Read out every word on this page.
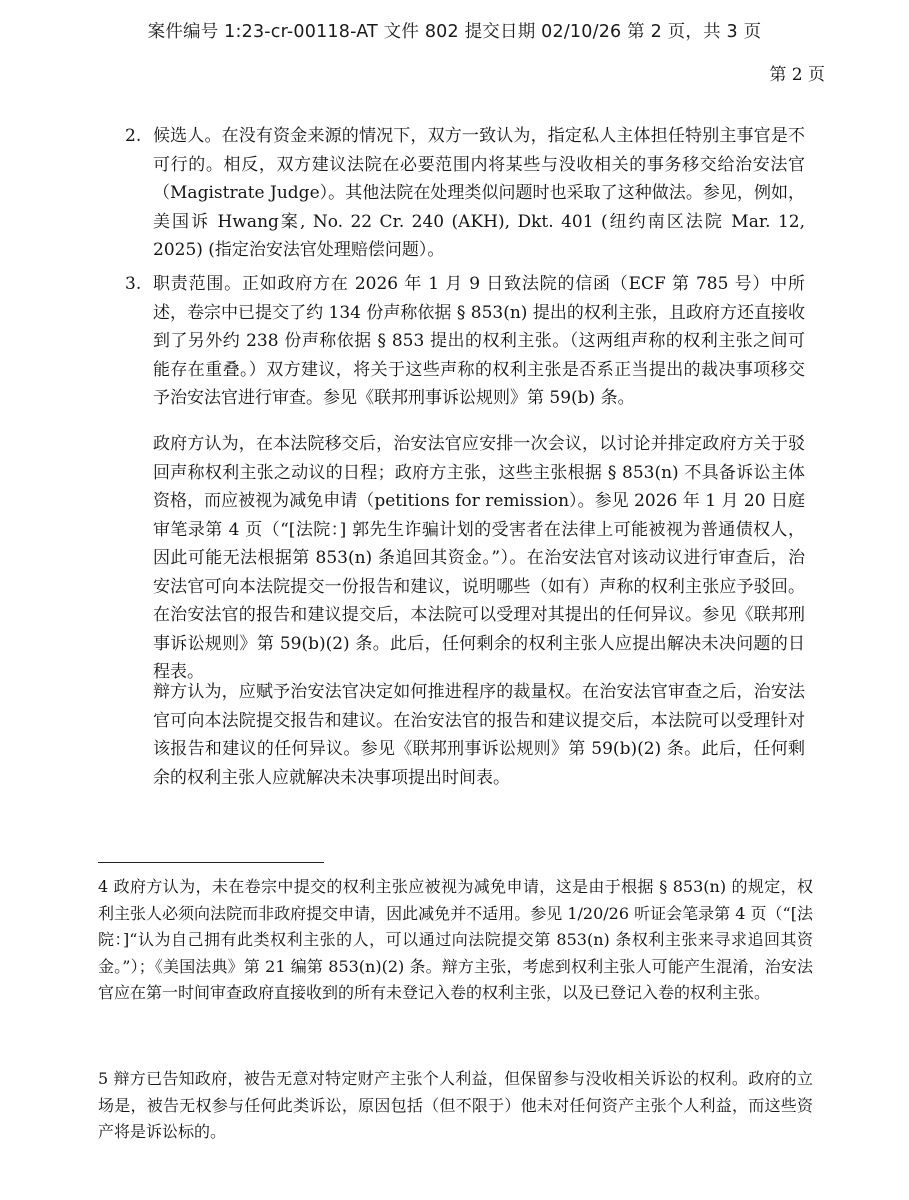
案件编号 1:23-cr-00118-AT 文件 802 提交日期 02/10/26 第 2 页，共 3 页
第 2 页
2. 候选人。在没有资金来源的情况下，双方一致认为，指定私人主体担任特别主事官是不可行的。相反，双方建议法院在必要范围内将某些与没收相关的事务移交给治安法官（Magistrate Judge）。其他法院在处理类似问题时也采取了这种做法。参见，例如，美国诉 Hwang案, No. 22 Cr. 240 (AKH), Dkt. 401 (纽约南区法院 Mar. 12, 2025) (指定治安法官处理赔偿问题）。
3. 职责范围。正如政府方在 2026 年 1 月 9 日致法院的信函（ECF 第 785 号）中所述，卷宗中已提交了约 134 份声称依据 § 853(n) 提出的权利主张，且政府方还直接收到了另外约 238 份声称依据 § 853 提出的权利主张。（这两组声称的权利主张之间可能存在重叠。）双方建议，将关于这些声称的权利主张是否系正当提出的裁决事项移交予治安法官进行审查。参见《联邦刑事诉讼规则》第 59(b) 条。
政府方认为，在本法院移交后，治安法官应安排一次会议，以讨论并排定政府方关于驳回声称权利主张之动议的日程；政府方主张，这些主张根据 § 853(n) 不具备诉讼主体资格，而应被视为减免申请（petitions for remission）。参见 2026 年 1 月 20 日庭审笔录第 4 页（“[法院：] 郭先生诈骗计划的受害者在法律上可能被视为普通债权人，因此可能无法根据第 853(n) 条追回其资金。”）。在治安法官对该动议进行审查后，治安法官可向本法院提交一份报告和建议，说明哪些（如有）声称的权利主张应予驳回。在治安法官的报告和建议提交后，本法院可以受理对其提出的任何异议。参见《联邦刑事诉讼规则》第 59(b)(2) 条。此后，任何剩余的权利主张人应提出解决未决问题的日程表。
辩方认为，应赋予治安法官决定如何推进程序的裁量权。在治安法官审查之后，治安法官可向本法院提交报告和建议。在治安法官的报告和建议提交后，本法院可以受理针对该报告和建议的任何异议。参见《联邦刑事诉讼规则》第 59(b)(2) 条。此后，任何剩余的权利主张人应就解决未决事项提出时间表。
4 政府方认为，未在卷宗中提交的权利主张应被视为减免申请，这是由于根据 § 853(n) 的规定，权利主张人必须向法院而非政府提交申请，因此减免并不适用。参见 1/20/26 听证会笔录第 4 页（“[法院：]“认为自己拥有此类权利主张的人，可以通过向法院提交第 853(n) 条权利主张来寻求追回其资金。”）；《美国法典》第 21 编第 853(n)(2) 条。辩方主张，考虑到权利主张人可能产生混淆，治安法官应在第一时间审查政府直接收到的所有未登记入卷的权利主张，以及已登记入卷的权利主张。
5 辩方已告知政府，被告无意对特定财产主张个人利益，但保留参与没收相关诉讼的权利。政府的立场是，被告无权参与任何此类诉讼，原因包括（但不限于）他未对任何资产主张个人利益，而这些资产将是诉讼标的。
